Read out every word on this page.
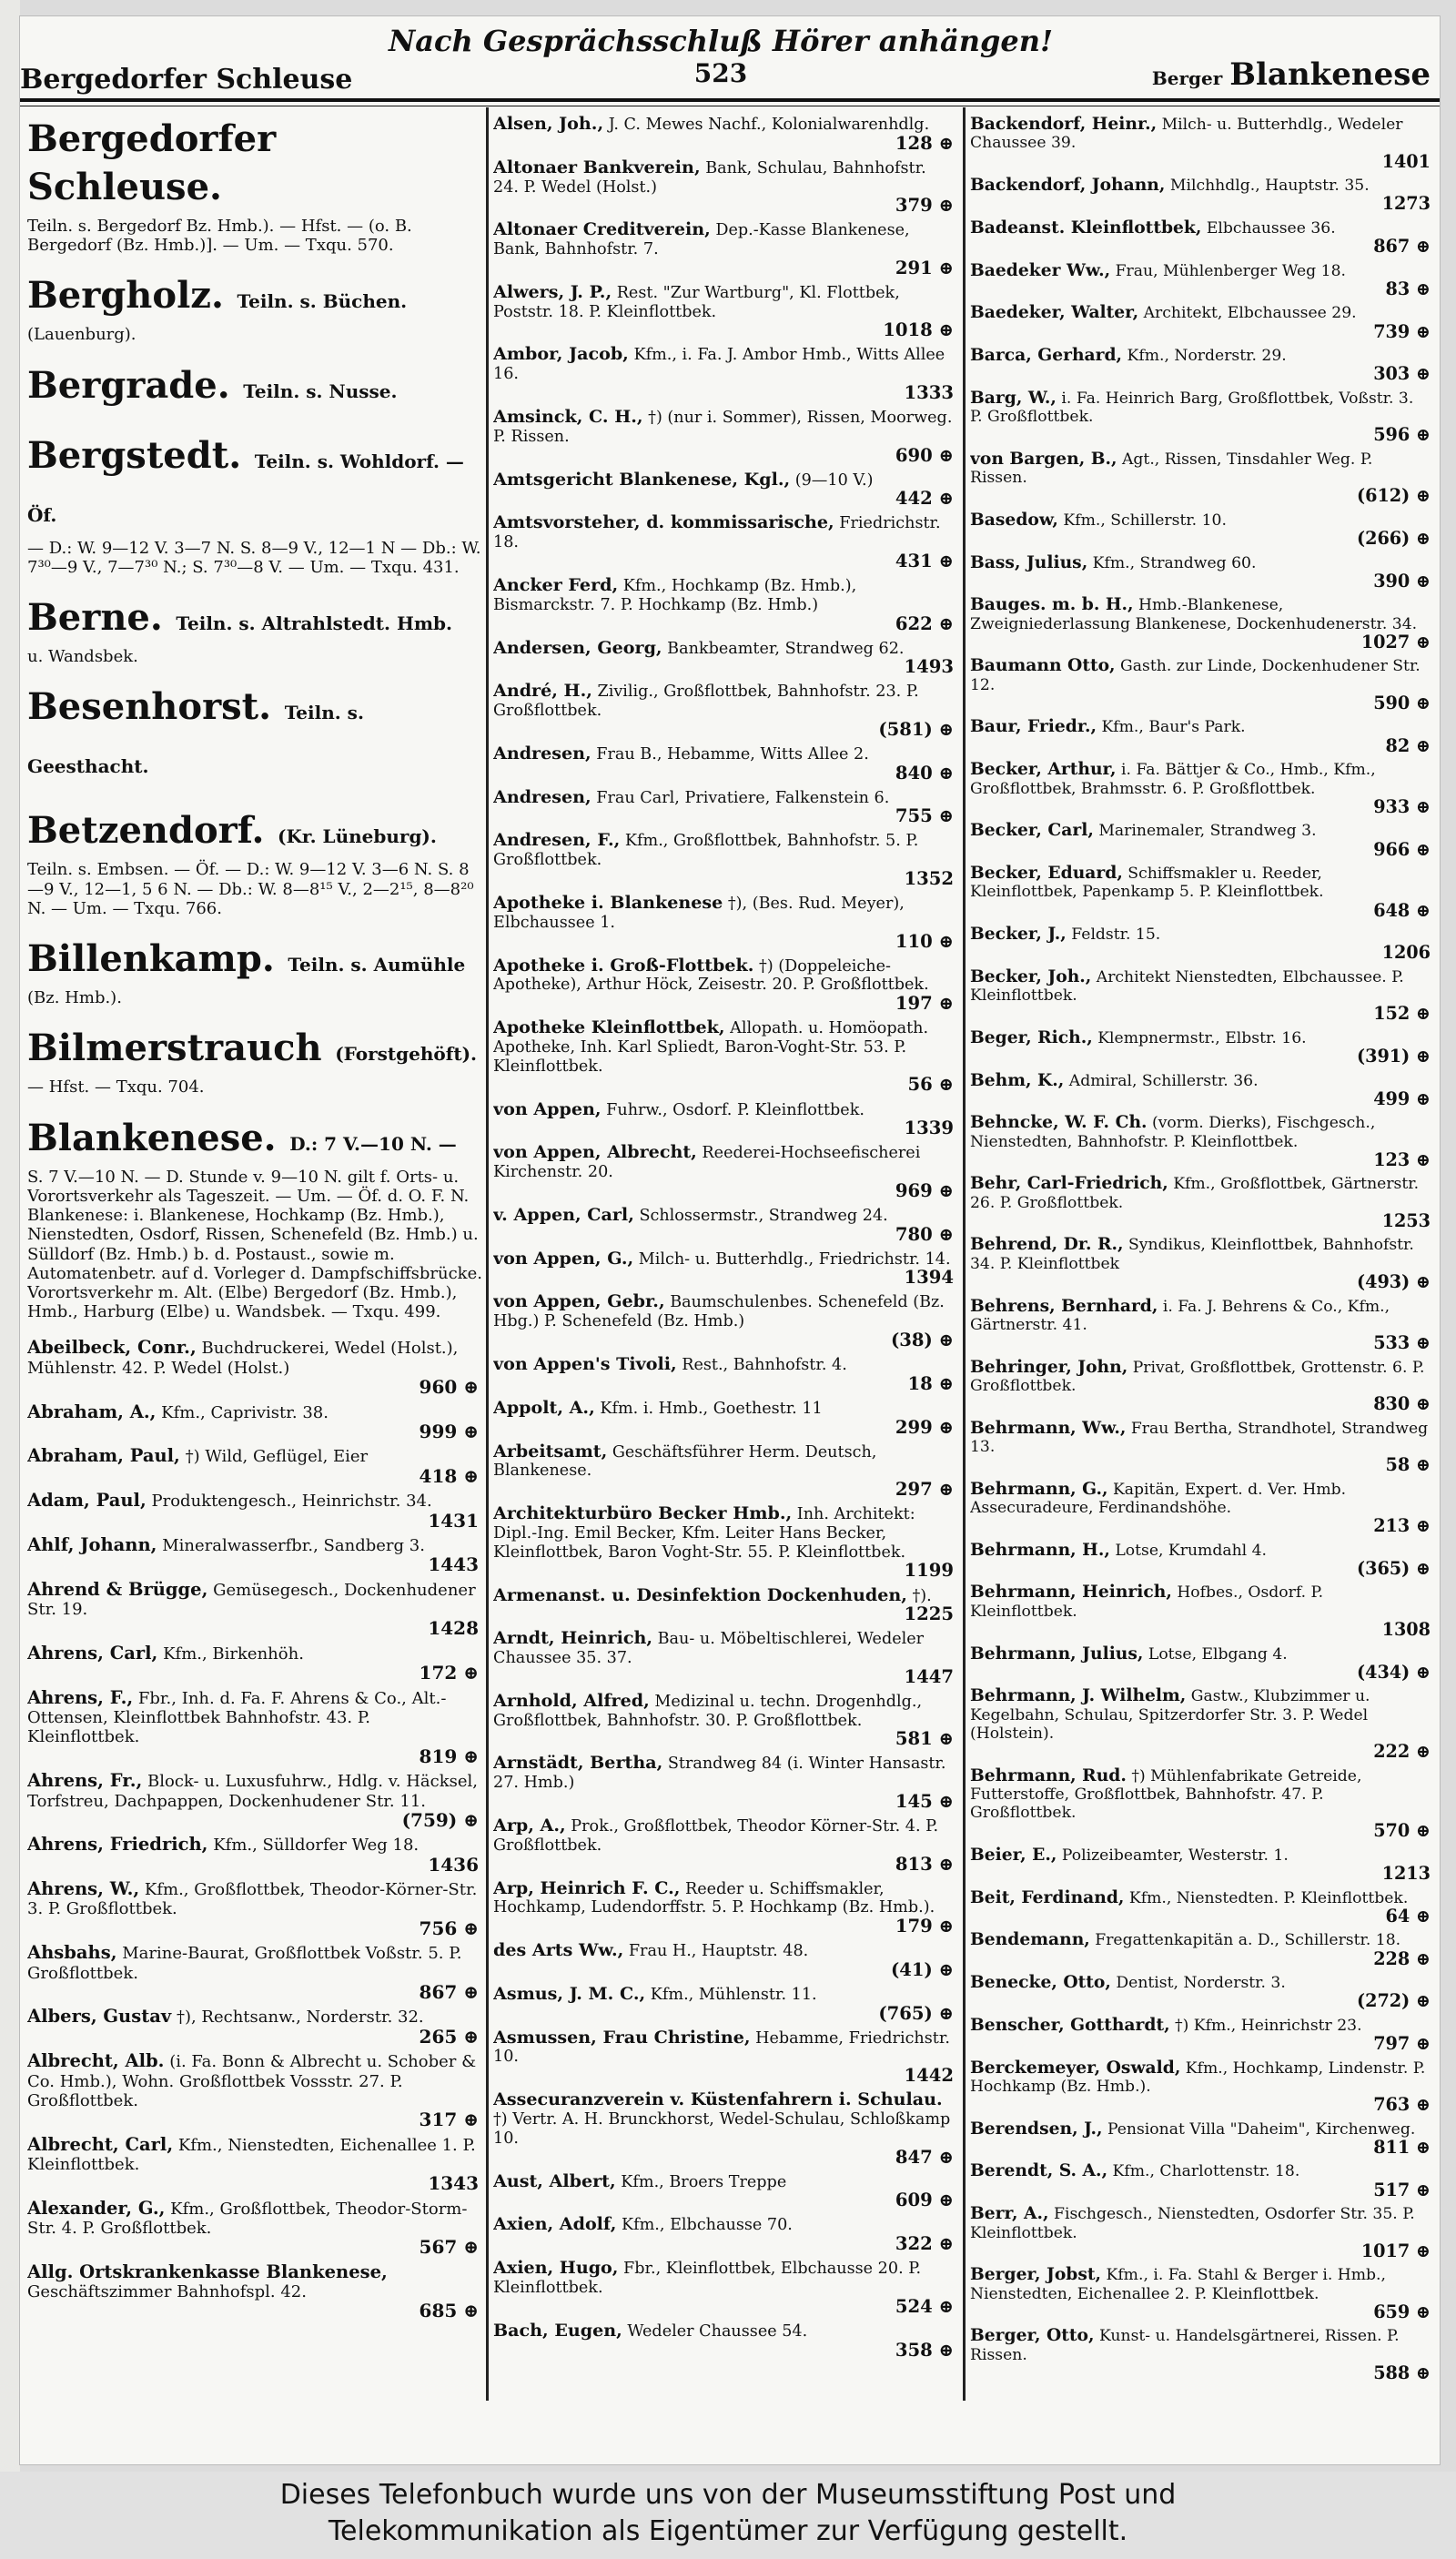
Bergedorfer Schleuse
Nach Gesprächsschluß Hörer anhängen!
523	Berger Blankenese
Bergedorfer Schleuse.
Teiln. s. Bergedorf Bz. Hmb.). — Hfst. — (o. B. Bergedorf (Bz. Hmb.)]. — Um. — Txqu. 570.
Bergholz. Teiln. s. Büchen.
(Lauenburg).
Bergrade. Teiln. s. Nusse.
Bergstedt. Teiln. s. Wohldorf. — Öf.
— D.: W. 9—12 V. 3—7 N. S. 8—9 V., 12—1 N — Db.: W. 7³⁰—9 V., 7—7³⁰ N.; S. 7³⁰—8 V. — Um. — Txqu. 431.
Berne. Teiln. s. Altrahlstedt. Hmb.
u. Wandsbek.
Besenhorst. Teiln. s. Geesthacht.
Betzendorf. (Kr. Lüneburg).
Teiln. s. Embsen. — Öf. — D.: W. 9—12 V. 3—6 N. S. 8—9 V., 12—1, 5 6 N. — Db.: W. 8—8¹⁵ V., 2—2¹⁵, 8—8²⁰ N. — Um. — Txqu. 766.
Billenkamp. Teiln. s. Aumühle
(Bz. Hmb.).
Bilmerstrauch (Forstgehöft).
— Hfst. — Txqu. 704.
Blankenese. D.: 7 V.—10 N. —
S. 7 V.—10 N. — D. Stunde v. 9—10 N. gilt f. Orts- u. Vorortsverkehr als Tageszeit. — Um. — Öf. d. O. F. N. Blankenese: i. Blankenese, Hochkamp (Bz. Hmb.), Nienstedten, Osdorf, Rissen, Schenefeld (Bz. Hmb.) u. Sülldorf (Bz. Hmb.) b. d. Postaust., sowie m. Automatenbetr. auf d. Vorleger d. Dampfschiffsbrücke. Vorortsverkehr m. Alt. (Elbe) Bergedorf (Bz. Hmb.), Hmb., Harburg (Elbe) u. Wandsbek. — Txqu. 499.
Abeilbeck, Conr., Buchdruckerei, Wedel (Holst.), Mühlenstr. 42. P. Wedel (Holst.)
960 ⊕
Abraham, A., Kfm., Caprivistr. 38.
999 ⊕
Abraham, Paul, †) Wild, Geflügel, Eier
418 ⊕
Adam, Paul, Produktengesch., Heinrichstr. 34.
1431
Ahlf, Johann, Mineralwasserfbr., Sandberg 3.
1443
Ahrend & Brügge, Gemüsegesch., Dockenhudener Str. 19.
1428
Ahrens, Carl, Kfm., Birkenhöh.
172 ⊕
Ahrens, F., Fbr., Inh. d. Fa. F. Ahrens & Co., Alt.-Ottensen, Kleinflottbek Bahnhofstr. 43. P. Kleinflottbek.
819 ⊕
Ahrens, Fr., Block- u. Luxusfuhrw., Hdlg. v. Häcksel, Torfstreu, Dachpappen, Dockenhudener Str. 11.
(759) ⊕
Ahrens, Friedrich, Kfm., Sülldorfer Weg 18.
1436
Ahrens, W., Kfm., Großflottbek, Theodor-Körner-Str. 3. P. Großflottbek.
756 ⊕
Ahsbahs, Marine-Baurat, Großflottbek Voßstr. 5. P. Großflottbek.
867 ⊕
Albers, Gustav †), Rechtsanw., Norderstr. 32.
265 ⊕
Albrecht, Alb. (i. Fa. Bonn & Albrecht u. Schober & Co. Hmb.), Wohn. Großflottbek Vossstr. 27. P. Großflottbek.
317 ⊕
Albrecht, Carl, Kfm., Nienstedten, Eichenallee 1. P. Kleinflottbek.
1343
Alexander, G., Kfm., Großflottbek, Theodor-Storm-Str. 4. P. Großflottbek.
567 ⊕
Allg. Ortskrankenkasse Blankenese, Geschäftszimmer Bahnhofspl. 42.
685 ⊕
Alsen, Joh., J. C. Mewes Nachf., Kolonialwarenhdlg.
128 ⊕
Altonaer Bankverein, Bank, Schulau, Bahnhofstr. 24. P. Wedel (Holst.)
379 ⊕
Altonaer Creditverein, Dep.-Kasse Blankenese, Bank, Bahnhofstr. 7.
291 ⊕
Alwers, J. P., Rest. "Zur Wartburg", Kl. Flottbek, Poststr. 18. P. Kleinflottbek.
1018 ⊕
Ambor, Jacob, Kfm., i. Fa. J. Ambor Hmb., Witts Allee 16.
1333
Amsinck, C. H., †) (nur i. Sommer), Rissen, Moorweg. P. Rissen.
690 ⊕
Amtsgericht Blankenese, Kgl., (9—10 V.)
442 ⊕
Amtsvorsteher, d. kommissarische, Friedrichstr. 18.
431 ⊕
Ancker Ferd, Kfm., Hochkamp (Bz. Hmb.), Bismarckstr. 7. P. Hochkamp (Bz. Hmb.)
622 ⊕
Andersen, Georg, Bankbeamter, Strandweg 62.
1493
André, H., Zivilig., Großflottbek, Bahnhofstr. 23. P. Großflottbek.
(581) ⊕
Andresen, Frau B., Hebamme, Witts Allee 2.
840 ⊕
Andresen, Frau Carl, Privatiere, Falkenstein 6.
755 ⊕
Andresen, F., Kfm., Großflottbek, Bahnhofstr. 5. P. Großflottbek.
1352
Apotheke i. Blankenese †), (Bes. Rud. Meyer), Elbchaussee 1.
110 ⊕
Apotheke i. Groß-Flottbek. †) (Doppeleiche-Apotheke), Arthur Höck, Zeisestr. 20. P. Großflottbek.
197 ⊕
Apotheke Kleinflottbek, Allopath. u. Homöopath. Apotheke, Inh. Karl Spliedt, Baron-Voght-Str. 53. P. Kleinflottbek.
56 ⊕
von Appen, Fuhrw., Osdorf. P. Kleinflottbek.
1339
von Appen, Albrecht, Reederei-Hochseefischerei Kirchenstr. 20.
969 ⊕
v. Appen, Carl, Schlossermstr., Strandweg 24.
780 ⊕
von Appen, G., Milch- u. Butterhdlg., Friedrichstr. 14.
1394
von Appen, Gebr., Baumschulenbes. Schenefeld (Bz. Hbg.) P. Schenefeld (Bz. Hmb.)
(38) ⊕
von Appen's Tivoli, Rest., Bahnhofstr. 4.
18 ⊕
Appolt, A., Kfm. i. Hmb., Goethestr. 11
299 ⊕
Arbeitsamt, Geschäftsführer Herm. Deutsch, Blankenese.
297 ⊕
Architekturbüro Becker Hmb., Inh. Architekt: Dipl.-Ing. Emil Becker, Kfm. Leiter Hans Becker, Kleinflottbek, Baron Voght-Str. 55. P. Kleinflottbek.
1199
Armenanst. u. Desinfektion Dockenhuden, †).
1225
Arndt, Heinrich, Bau- u. Möbeltischlerei, Wedeler Chaussee 35. 37.
1447
Arnhold, Alfred, Medizinal u. techn. Drogenhdlg., Großflottbek, Bahnhofstr. 30. P. Großflottbek.
581 ⊕
Arnstädt, Bertha, Strandweg 84 (i. Winter Hansastr. 27. Hmb.)
145 ⊕
Arp, A., Prok., Großflottbek, Theodor Körner-Str. 4. P. Großflottbek.
813 ⊕
Arp, Heinrich F. C., Reeder u. Schiffsmakler, Hochkamp, Ludendorffstr. 5. P. Hochkamp (Bz. Hmb.).
179 ⊕
des Arts Ww., Frau H., Hauptstr. 48.
(41) ⊕
Asmus, J. M. C., Kfm., Mühlenstr. 11.
(765) ⊕
Asmussen, Frau Christine, Hebamme, Friedrichstr. 10.
1442
Assecuranzverein v. Küstenfahrern i. Schulau. †) Vertr. A. H. Brunckhorst, Wedel-Schulau, Schloßkamp 10.
847 ⊕
Aust, Albert, Kfm., Broers Treppe
609 ⊕
Axien, Adolf, Kfm., Elbchausse 70.
322 ⊕
Axien, Hugo, Fbr., Kleinflottbek, Elbchausse 20. P. Kleinflottbek.
524 ⊕
Bach, Eugen, Wedeler Chaussee 54.
358 ⊕
Backendorf, Heinr., Milch- u. Butterhdlg., Wedeler Chaussee 39.
1401
Backendorf, Johann, Milchhdlg., Hauptstr. 35.
1273
Badeanst. Kleinflottbek, Elbchaussee 36.
867 ⊕
Baedeker Ww., Frau, Mühlenberger Weg 18.
83 ⊕
Baedeker, Walter, Architekt, Elbchaussee 29.
739 ⊕
Barca, Gerhard, Kfm., Norderstr. 29.
303 ⊕
Barg, W., i. Fa. Heinrich Barg, Großflottbek, Voßstr. 3. P. Großflottbek.
596 ⊕
von Bargen, B., Agt., Rissen, Tinsdahler Weg. P. Rissen.
(612) ⊕
Basedow, Kfm., Schillerstr. 10.
(266) ⊕
Bass, Julius, Kfm., Strandweg 60.
390 ⊕
Bauges. m. b. H., Hmb.-Blankenese, Zweigniederlassung Blankenese, Dockenhudenerstr. 34.
1027 ⊕
Baumann Otto, Gasth. zur Linde, Dockenhudener Str. 12.
590 ⊕
Baur, Friedr., Kfm., Baur's Park.
82 ⊕
Becker, Arthur, i. Fa. Bättjer & Co., Hmb., Kfm., Großflottbek, Brahmsstr. 6. P. Großflottbek.
933 ⊕
Becker, Carl, Marinemaler, Strandweg 3.
966 ⊕
Becker, Eduard, Schiffsmakler u. Reeder, Kleinflottbek, Papenkamp 5. P. Kleinflottbek.
648 ⊕
Becker, J., Feldstr. 15.
1206
Becker, Joh., Architekt Nienstedten, Elbchaussee. P. Kleinflottbek.
152 ⊕
Beger, Rich., Klempnermstr., Elbstr. 16.
(391) ⊕
Behm, K., Admiral, Schillerstr. 36.
499 ⊕
Behncke, W. F. Ch. (vorm. Dierks), Fischgesch., Nienstedten, Bahnhofstr. P. Kleinflottbek.
123 ⊕
Behr, Carl-Friedrich, Kfm., Großflottbek, Gärtnerstr. 26. P. Großflottbek.
1253
Behrend, Dr. R., Syndikus, Kleinflottbek, Bahnhofstr. 34. P. Kleinflottbek
(493) ⊕
Behrens, Bernhard, i. Fa. J. Behrens & Co., Kfm., Gärtnerstr. 41.
533 ⊕
Behringer, John, Privat, Großflottbek, Grottenstr. 6. P. Großflottbek.
830 ⊕
Behrmann, Ww., Frau Bertha, Strandhotel, Strandweg 13.
58 ⊕
Behrmann, G., Kapitän, Expert. d. Ver. Hmb. Assecuradeure, Ferdinandshöhe.
213 ⊕
Behrmann, H., Lotse, Krumdahl 4.
(365) ⊕
Behrmann, Heinrich, Hofbes., Osdorf. P. Kleinflottbek.
1308
Behrmann, Julius, Lotse, Elbgang 4.
(434) ⊕
Behrmann, J. Wilhelm, Gastw., Klubzimmer u. Kegelbahn, Schulau, Spitzerdorfer Str. 3. P. Wedel (Holstein).
222 ⊕
Behrmann, Rud. †) Mühlenfabrikate Getreide, Futterstoffe, Großflottbek, Bahnhofstr. 47. P. Großflottbek.
570 ⊕
Beier, E., Polizeibeamter, Westerstr. 1.
1213
Beit, Ferdinand, Kfm., Nienstedten. P. Kleinflottbek.
64 ⊕
Bendemann, Fregattenkapitän a. D., Schillerstr. 18.
228 ⊕
Benecke, Otto, Dentist, Norderstr. 3.
(272) ⊕
Benscher, Gotthardt, †) Kfm., Heinrichstr 23.
797 ⊕
Berckemeyer, Oswald, Kfm., Hochkamp, Lindenstr. P. Hochkamp (Bz. Hmb.).
763 ⊕
Berendsen, J., Pensionat Villa "Daheim", Kirchenweg.
811 ⊕
Berendt, S. A., Kfm., Charlottenstr. 18.
517 ⊕
Berr, A., Fischgesch., Nienstedten, Osdorfer Str. 35. P. Kleinflottbek.
1017 ⊕
Berger, Jobst, Kfm., i. Fa. Stahl & Berger i. Hmb., Nienstedten, Eichenallee 2. P. Kleinflottbek.
659 ⊕
Berger, Otto, Kunst- u. Handelsgärtnerei, Rissen. P. Rissen.
588 ⊕
Dieses Telefonbuch wurde uns von der Museumsstiftung Post und
Telekommunikation als Eigentümer zur Verfügung gestellt.
